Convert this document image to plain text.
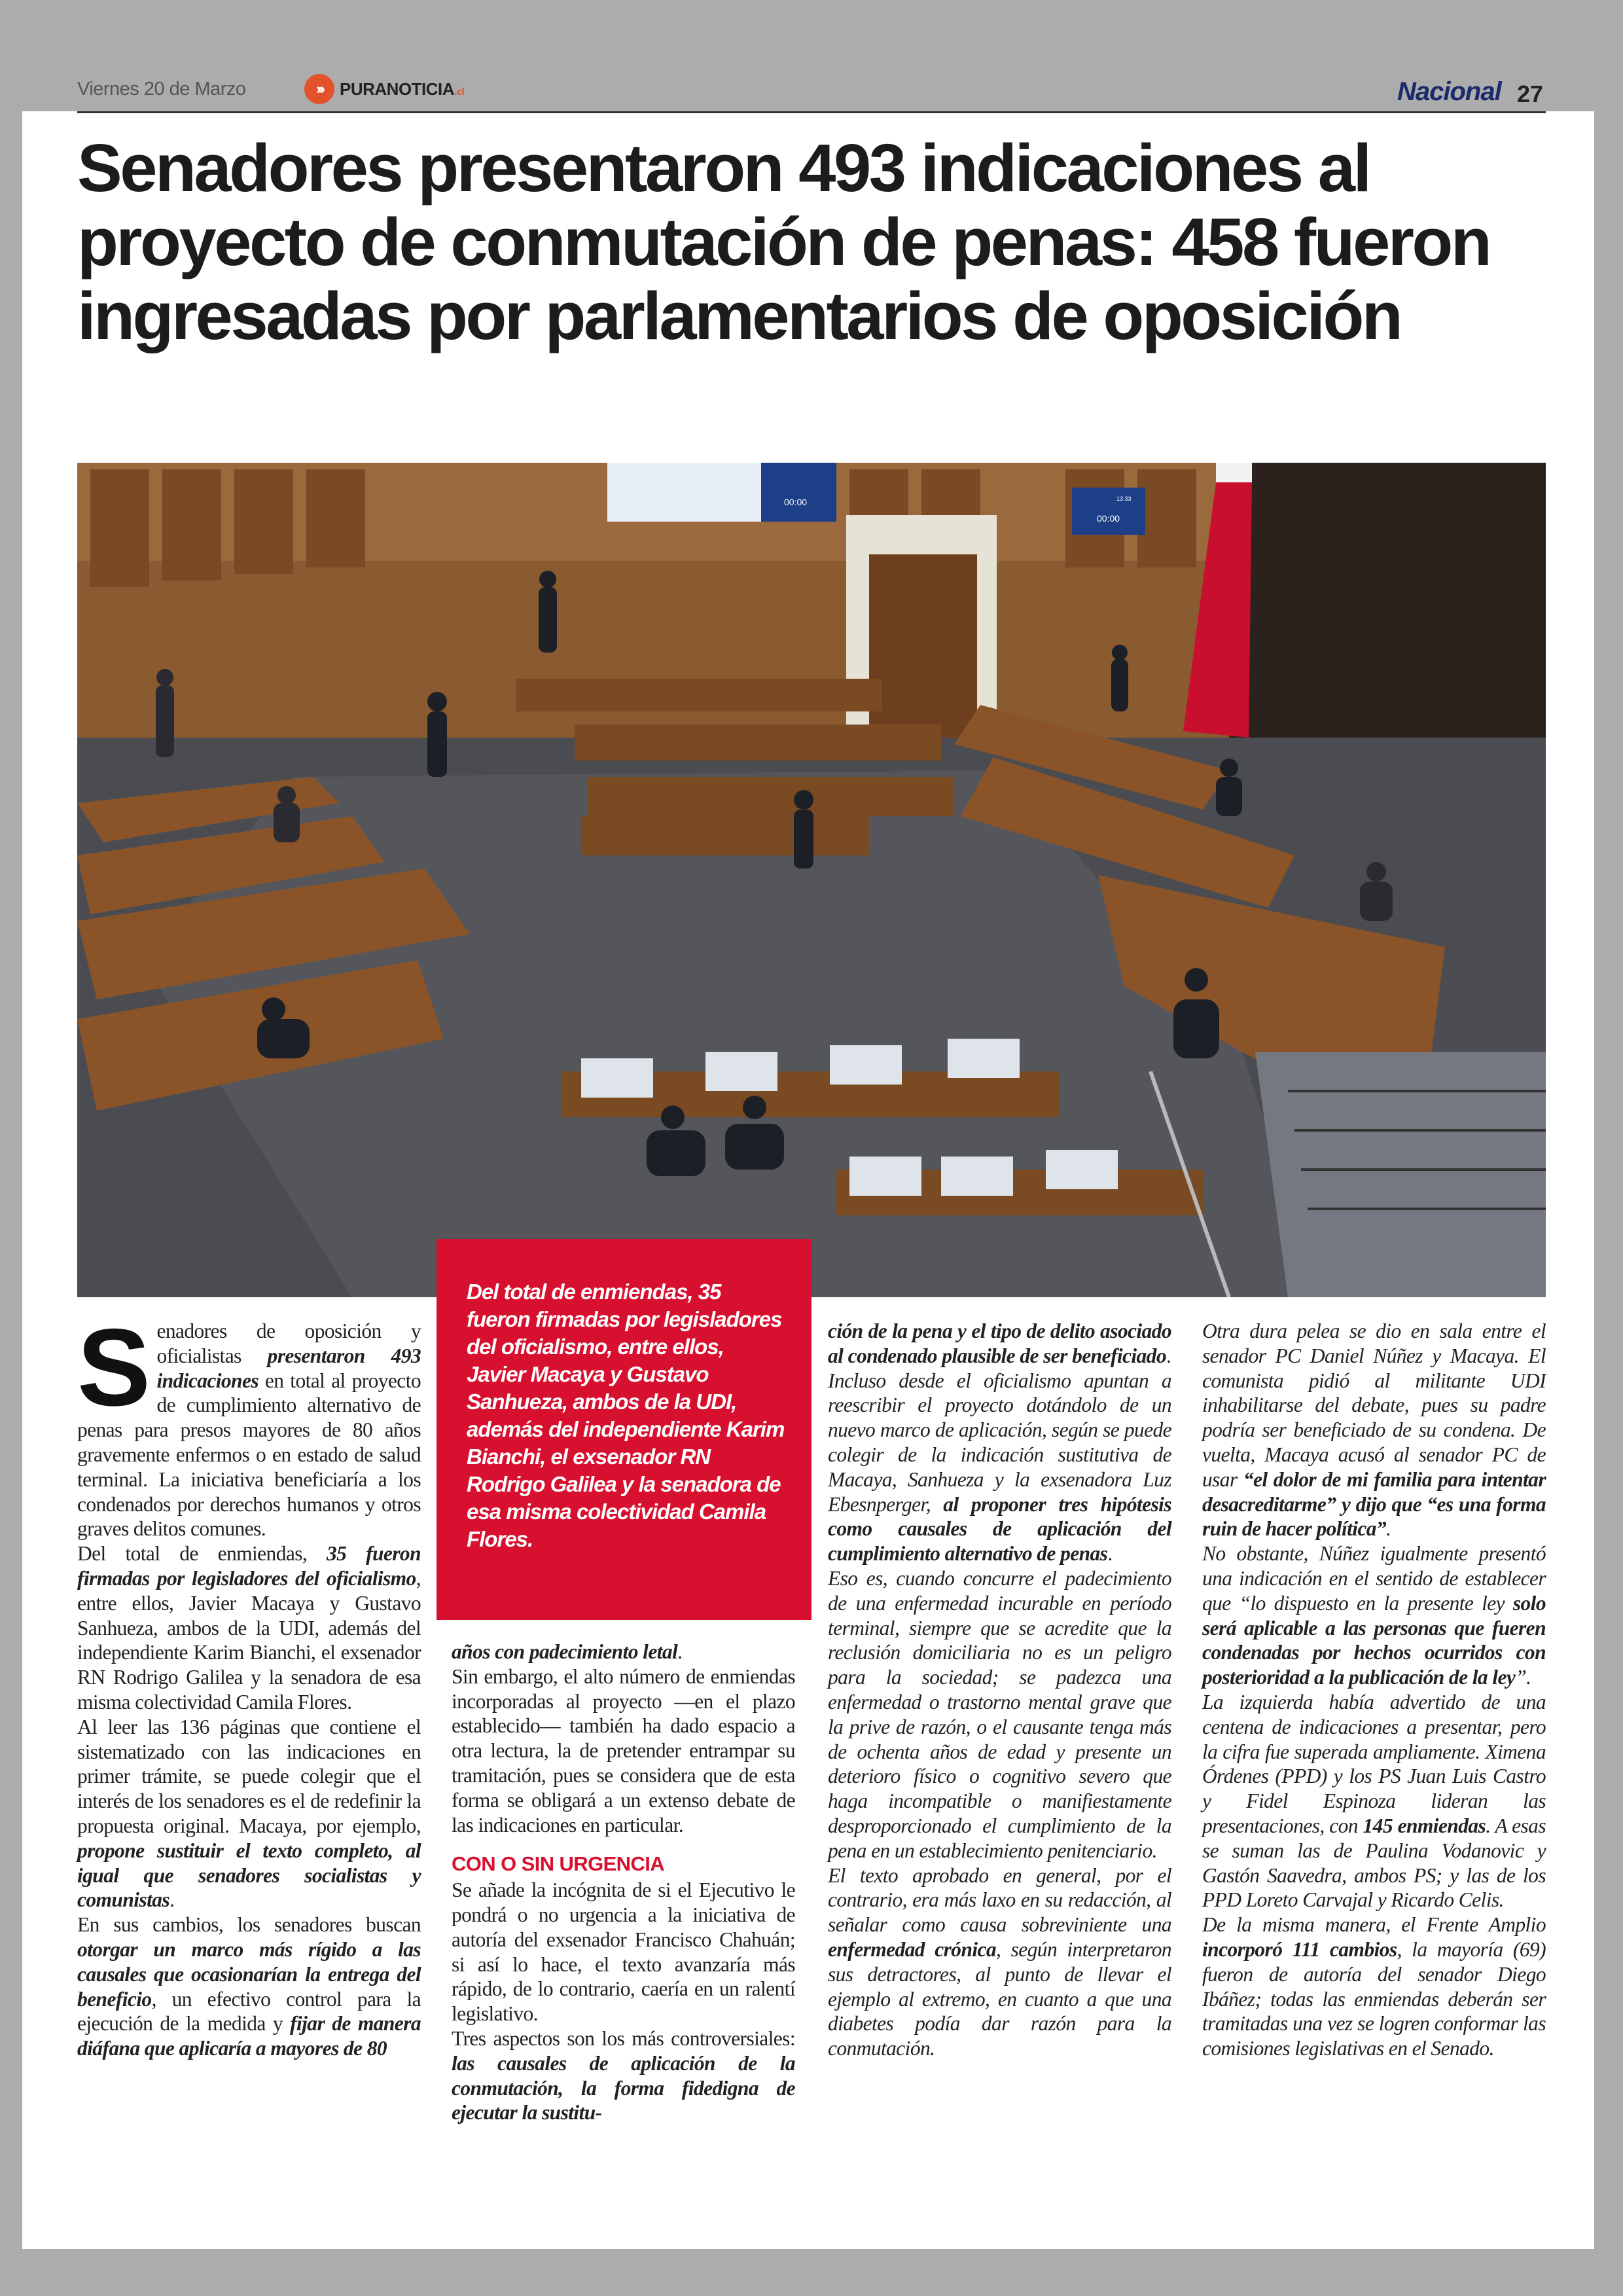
Viernes 20 de Marzo	›››	PURANOTICIA.cl	Nacional 27
Senadores presentaron 493 indicaciones al proyecto de conmutación de penas: 458 fueron ingresadas por parlamentarios de oposición
00:00
00:00
13:33

Del total de enmiendas, 35 fueron firmadas por legisladores del oficialismo, entre ellos, Javier Macaya y Gustavo Sanhueza, ambos de la UDI, además del independiente Karim Bianchi, el exsenador RN Rodrigo Galilea y la senadora de esa misma colectividad Camila Flores.

Senadores de oposición y oficialistas presentaron 493 indicaciones en total al proyecto de cumplimiento alternativo de penas para presos mayores de 80 años gravemente enfermos o en estado de salud terminal. La iniciativa beneficiaría a los condenados por derechos humanos y otros graves delitos comunes.

Del total de enmiendas, 35 fueron firmadas por legisladores del oficialismo, entre ellos, Javier Macaya y Gustavo Sanhueza, ambos de la UDI, además del independiente Karim Bianchi, el exsenador RN Rodrigo Galilea y la senadora de esa misma colectividad Camila Flores.

Al leer las 136 páginas que contiene el sistematizado con las indicaciones en primer trámite, se puede colegir que el interés de los senadores es el de redefinir la propuesta original. Macaya, por ejemplo, propone sustituir el texto completo, al igual que senadores socialistas y comunistas.

En sus cambios, los senadores buscan otorgar un marco más rígido a las causales que ocasionarían la entrega del beneficio, un efectivo control para la ejecución de la medida y fijar de manera diáfana que aplicaría a mayores de 80

años con padecimiento letal.

Sin embargo, el alto número de enmiendas incorporadas al proyecto —en el plazo establecido— también ha dado espacio a otra lectura, la de pretender entrampar su tramitación, pues se considera que de esta forma se obligará a un extenso debate de las indicaciones en particular.

CON O SIN URGENCIA

Se añade la incógnita de si el Ejecutivo le pondrá o no urgencia a la iniciativa de autoría del exsenador Francisco Chahuán; si así lo hace, el texto avanzaría más rápido, de lo contrario, caería en un ralentí legislativo.

Tres aspectos son los más controversiales: las causales de aplicación de la conmutación, la forma fidedigna de ejecutar la sustitu-

ción de la pena y el tipo de delito asociado al condenado plausible de ser beneficiado.

Incluso desde el oficialismo apuntan a reescribir el proyecto dotándolo de un nuevo marco de aplicación, según se puede colegir de la indicación sustitutiva de Macaya, Sanhueza y la exsenadora Luz Ebesnperger, al proponer tres hipótesis como causales de aplicación del cumplimiento alternativo de penas.

Eso es, cuando concurre el padecimiento de una enfermedad incurable en período terminal, siempre que se acredite que la reclusión domiciliaria no es un peligro para la sociedad; se padezca una enfermedad o trastorno mental grave que la prive de razón, o el causante tenga más de ochenta años de edad y presente un deterioro físico o cognitivo severo que haga incompatible o manifiestamente desproporcionado el cumplimiento de la pena en un establecimiento penitenciario.

El texto aprobado en general, por el contrario, era más laxo en su redacción, al señalar como causa sobreviniente una enfermedad crónica, según interpretaron sus detractores, al punto de llevar el ejemplo al extremo, en cuanto a que una diabetes podía dar razón para la conmutación.

Otra dura pelea se dio en sala entre el senador PC Daniel Núñez y Macaya. El comunista pidió al militante UDI inhabilitarse del debate, pues su padre podría ser beneficiado de su condena. De vuelta, Macaya acusó al senador PC de usar “el dolor de mi familia para intentar desacreditarme” y dijo que “es una forma ruin de hacer política”.

No obstante, Núñez igualmente presentó una indicación en el sentido de establecer que “lo dispuesto en la presente ley solo será aplicable a las personas que fueren condenadas por hechos ocurridos con posterioridad a la publicación de la ley”.

La izquierda había advertido de una centena de indicaciones a presentar, pero la cifra fue superada ampliamente. Ximena Órdenes (PPD) y los PS Juan Luis Castro y Fidel Espinoza lideran las presentaciones, con 145 enmiendas. A esas se suman las de Paulina Vodanovic y Gastón Saavedra, ambos PS; y las de los PPD Loreto Carvajal y Ricardo Celis.

De la misma manera, el Frente Amplio incorporó 111 cambios, la mayoría (69) fueron de autoría del senador Diego Ibáñez; todas las enmiendas deberán ser tramitadas una vez se logren conformar las comisiones legislativas en el Senado.
